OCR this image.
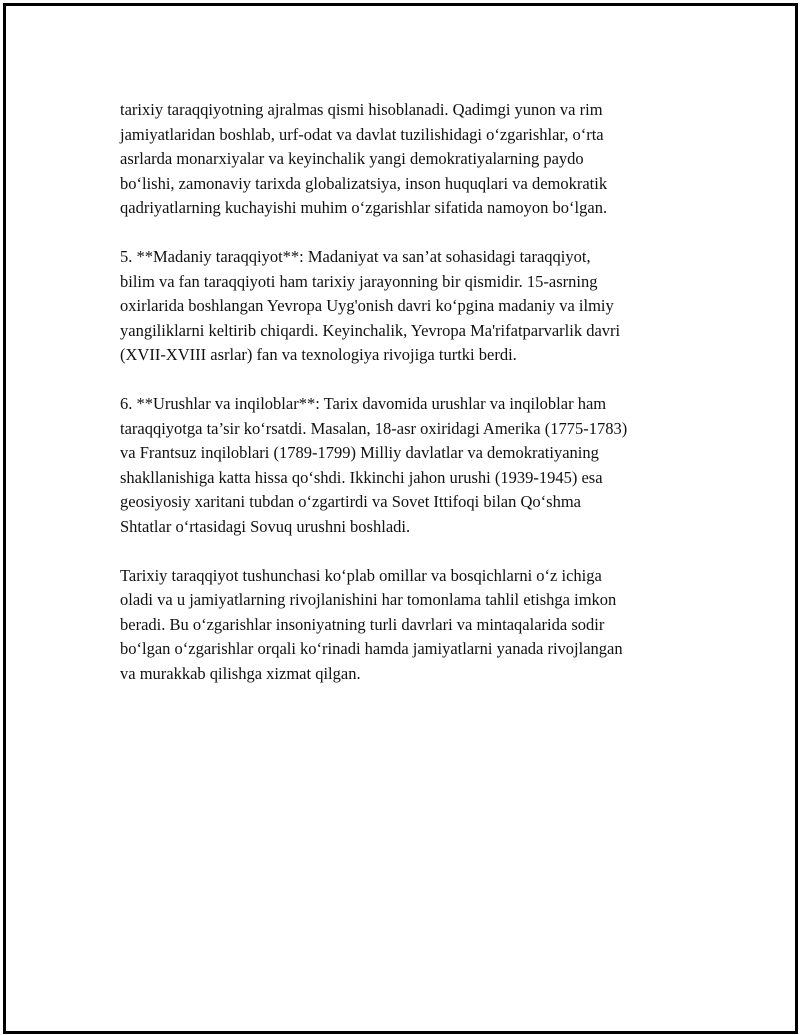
tarixiy taraqqiyotning ajralmas qismi hisoblanadi. Qadimgi yunon va rim
jamiyatlaridan boshlab, urf-odat va davlat tuzilishidagi o‘zgarishlar, o‘rta
asrlarda monarxiyalar va keyinchalik yangi demokratiyalarning paydo
bo‘lishi, zamonaviy tarixda globalizatsiya, inson huquqlari va demokratik
qadriyatlarning kuchayishi muhim o‘zgarishlar sifatida namoyon bo‘lgan.

5. **Madaniy taraqqiyot**: Madaniyat va san’at sohasidagi taraqqiyot,
bilim va fan taraqqiyoti ham tarixiy jarayonning bir qismidir. 15-asrning
oxirlarida boshlangan Yevropa Uyg'onish davri ko‘pgina madaniy va ilmiy
yangiliklarni keltirib chiqardi. Keyinchalik, Yevropa Ma'rifatparvarlik davri
(XVII-XVIII asrlar) fan va texnologiya rivojiga turtki berdi.

6. **Urushlar va inqiloblar**: Tarix davomida urushlar va inqiloblar ham
taraqqiyotga ta’sir ko‘rsatdi. Masalan, 18-asr oxiridagi Amerika (1775-1783)
va Frantsuz inqiloblari (1789-1799) Milliy davlatlar va demokratiyaning
shakllanishiga katta hissa qo‘shdi. Ikkinchi jahon urushi (1939-1945) esa
geosiyosiy xaritani tubdan o‘zgartirdi va Sovet Ittifoqi bilan Qo‘shma
Shtatlar o‘rtasidagi Sovuq urushni boshladi.

Tarixiy taraqqiyot tushunchasi ko‘plab omillar va bosqichlarni o‘z ichiga
oladi va u jamiyatlarning rivojlanishini har tomonlama tahlil etishga imkon
beradi. Bu o‘zgarishlar insoniyatning turli davrlari va mintaqalarida sodir
bo‘lgan o‘zgarishlar orqali ko‘rinadi hamda jamiyatlarni yanada rivojlangan
va murakkab qilishga xizmat qilgan.
